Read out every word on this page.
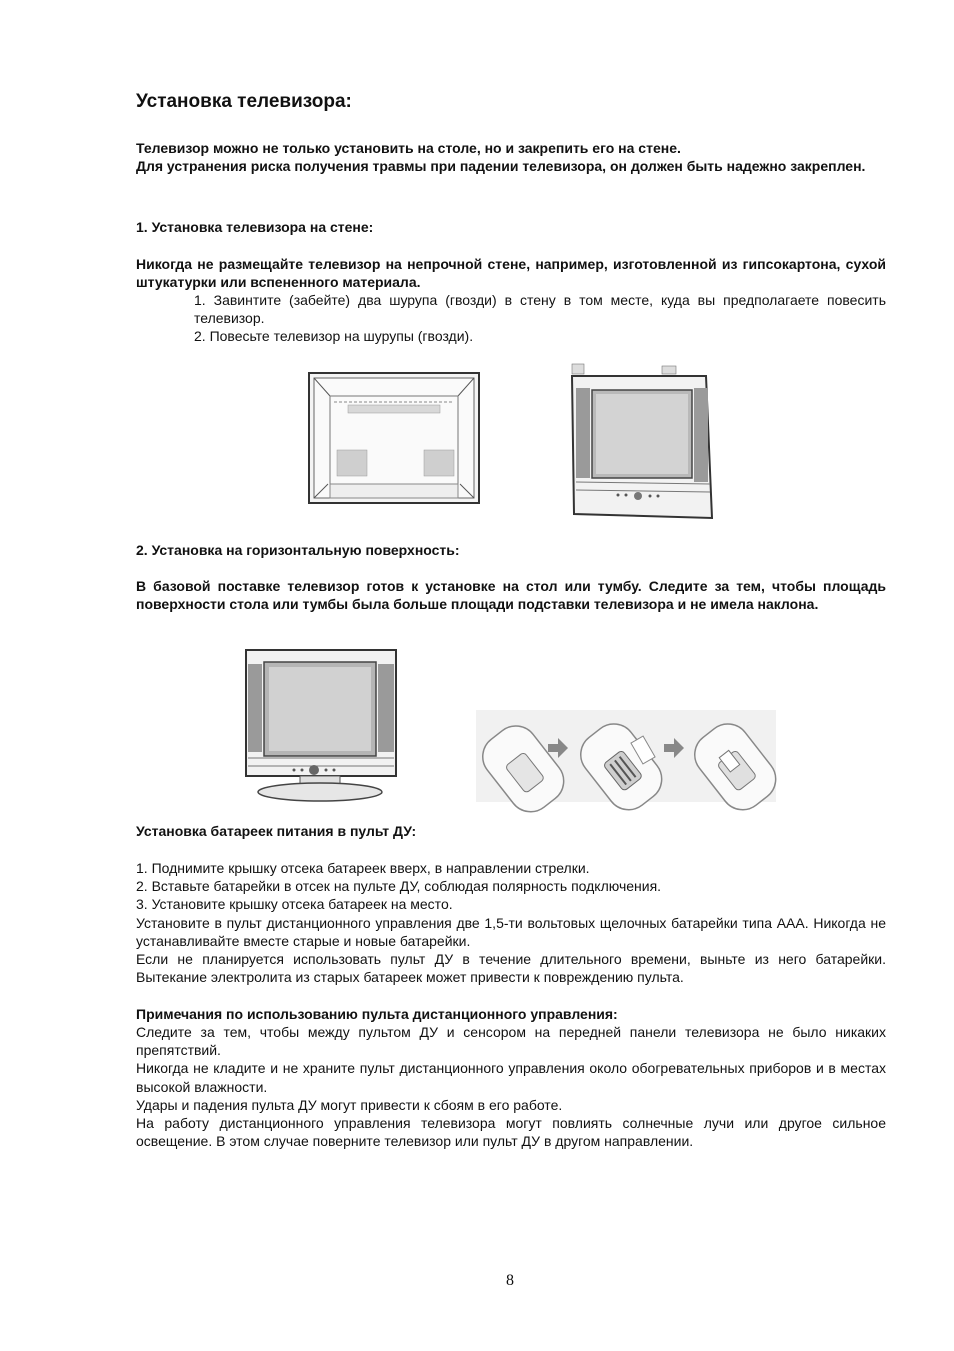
Установка телевизора:

Телевизор можно не только установить на столе, но и закрепить его на стене.

Для устранения риска получения травмы при падении телевизора, он должен быть надежно закреплен.

1. Установка телевизора на стене:
Никогда не размещайте телевизор на непрочной стене, например, изготовленной из гипсокартона, сухой штукатурки или вспененного материала.

1. Завинтите (забейте) два шурупа (гвозди) в стену в том месте, куда вы предполагаете повесить телевизор.

2. Повесьте телевизор на шурупы (гвозди).

2. Установка на горизонтальную поверхность:
В базовой поставке телевизор готов к установке на стол или тумбу. Следите за тем, чтобы площадь поверхности стола или тумбы была больше площади подставки телевизора и не имела наклона.
Установка батареек питания в пульт ДУ:

1. Поднимите крышку отсека батареек вверх, в направлении стрелки.

2. Вставьте батарейки в отсек на пульте ДУ, соблюдая полярность подключения.

3. Установите крышку отсека батареек на место.

Установите в пульт дистанционного управления две 1,5-ти вольтовых щелочных батарейки типа ААА. Никогда не устанавливайте вместе старые и новые батарейки.

Если не планируется использовать пульт ДУ в течение длительного времени, выньте из него батарейки. Вытекание электролита из старых батареек может привести к повреждению пульта.

Примечания по использованию пульта дистанционного управления:

Следите за тем, чтобы между пультом ДУ и сенсором на передней панели телевизора не было никаких препятствий.

Никогда не кладите и не храните пульт дистанционного управления около обогревательных приборов и в местах высокой влажности.

Удары и падения пульта ДУ могут привести к сбоям в его работе.

На работу дистанционного управления телевизора могут повлиять солнечные лучи или другое сильное освещение. В этом случае поверните телевизор или пульт ДУ в другом направлении.

8
